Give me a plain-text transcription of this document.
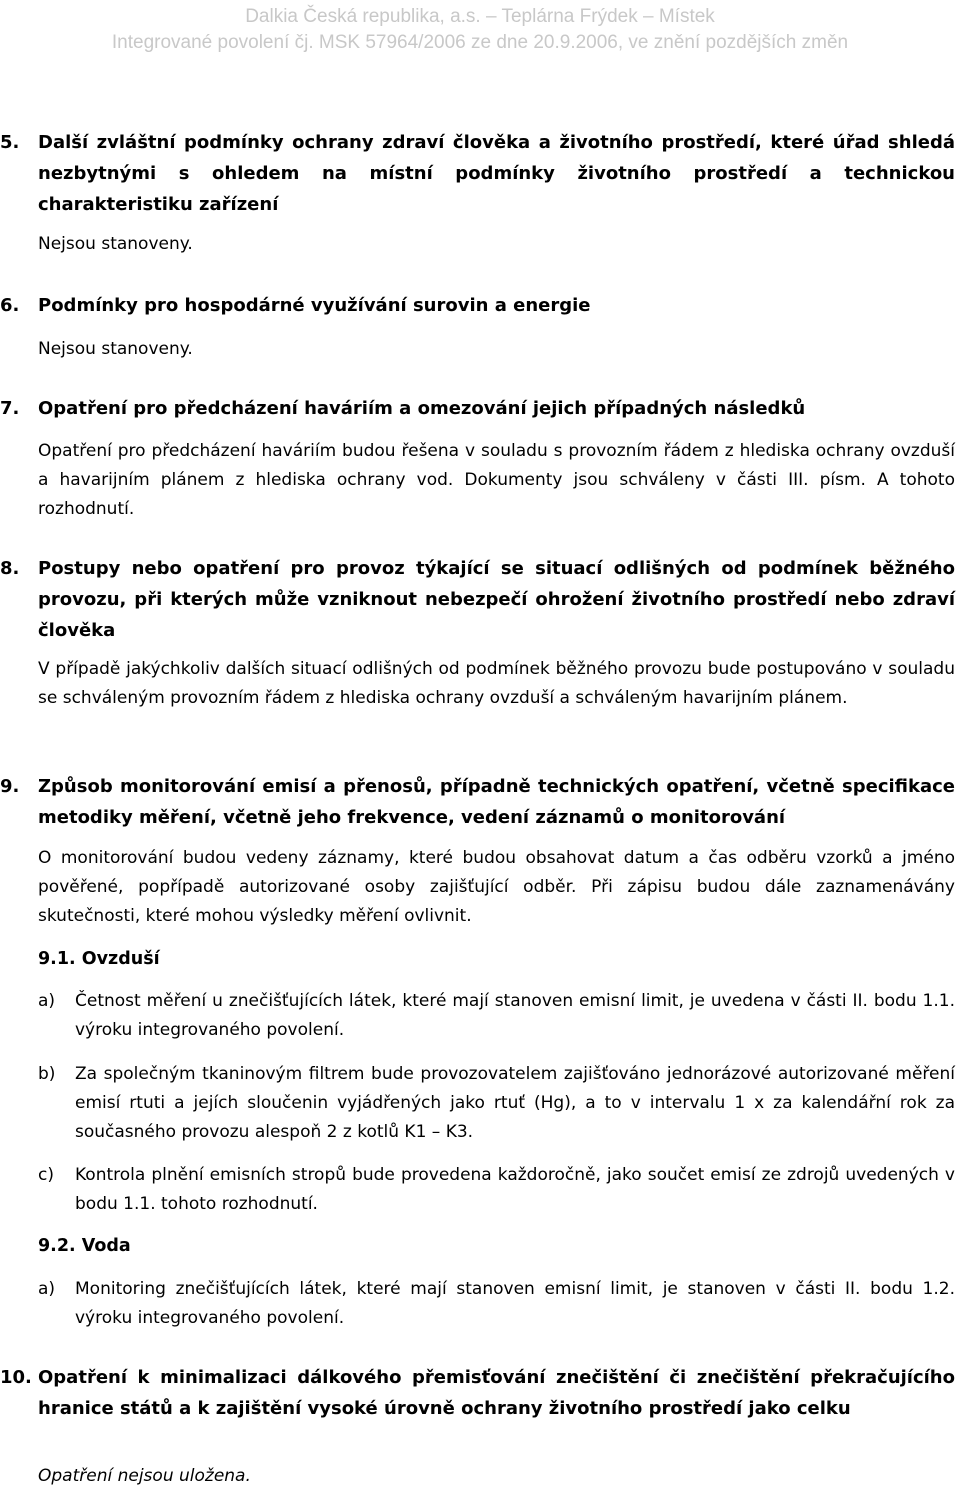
Dalkia Česká republika, a.s. – Teplárna Frýdek – Místek
Integrované povolení čj. MSK 57964/2006 ze dne 20.9.2006, ve znění pozdějších změn
5. Další zvláštní podmínky ochrany zdraví člověka a životního prostředí, které úřad shledá nezbytnými s ohledem na místní podmínky životního prostředí a technickou charakteristiku zařízení

Nejsou stanoveny.

6. Podmínky pro hospodárné využívání surovin a energie

Nejsou stanoveny.

7. Opatření pro předcházení haváriím a omezování jejich případných následků

Opatření pro předcházení haváriím budou řešena v souladu s provozním řádem z hlediska ochrany ovzduší a havarijním plánem z hlediska ochrany vod. Dokumenty jsou schváleny v části III. písm. A tohoto rozhodnutí.

8. Postupy nebo opatření pro provoz týkající se situací odlišných od podmínek běžného provozu, při kterých může vzniknout nebezpečí ohrožení životního prostředí nebo zdraví člověka

V případě jakýchkoliv dalších situací odlišných od podmínek běžného provozu bude postupováno v souladu se schváleným provozním řádem z hlediska ochrany ovzduší a schváleným havarijním plánem.

9. Způsob monitorování emisí a přenosů, případně technických opatření, včetně specifikace metodiky měření, včetně jeho frekvence, vedení záznamů o monitorování

O monitorování budou vedeny záznamy, které budou obsahovat datum a čas odběru vzorků a jméno pověřené, popřípadě autorizované osoby zajišťující odběr. Při zápisu budou dále zaznamenávány skutečnosti, které mohou výsledky měření ovlivnit.

9.1. Ovzduší
a) Četnost měření u znečišťujících látek, které mají stanoven emisní limit, je uvedena v části II. bodu 1.1. výroku integrovaného povolení.
b) Za společným tkaninovým filtrem bude provozovatelem zajišťováno jednorázové autorizované měření emisí rtuti a jejích sloučenin vyjádřených jako rtuť (Hg), a to v intervalu 1 x za kalendářní rok za současného provozu alespoň 2 z kotlů K1 – K3.
c) Kontrola plnění emisních stropů bude provedena každoročně, jako součet emisí ze zdrojů uvedených v bodu 1.1. tohoto rozhodnutí.
9.2. Voda
a) Monitoring znečišťujících látek, které mají stanoven emisní limit, je stanoven v části II. bodu 1.2. výroku integrovaného povolení.
10. Opatření k minimalizaci dálkového přemisťování znečištění či znečištění překračujícího hranice států a k zajištění vysoké úrovně ochrany životního prostředí jako celku

Opatření nejsou uložena.
